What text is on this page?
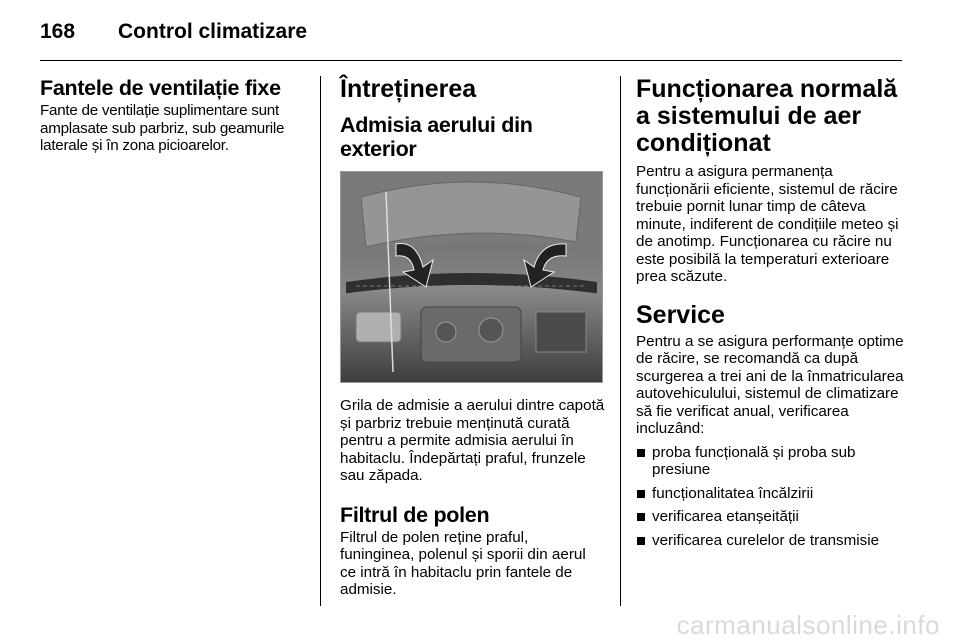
168 Control climatizare
Fantele de ventilație fixe

Fante de ventilație suplimentare sunt amplasate sub parbriz, sub geamurile laterale și în zona picioarelor.

Întreținerea
Admisia aerului din exterior

Grila de admisie a aerului dintre capotă și parbriz trebuie menținută curată pentru a permite admisia aerului în habitaclu. Îndepărtați praful, frunzele sau zăpada.

Filtrul de polen

Filtrul de polen reține praful, funinginea, polenul și sporii din aerul ce intră în habitaclu prin fantele de admisie.

Funcționarea normală a sistemului de aer condiționat

Pentru a asigura permanența funcționării eficiente, sistemul de răcire trebuie pornit lunar timp de câteva minute, indiferent de condițiile meteo și de anotimp. Funcționarea cu răcire nu este posibilă la temperaturi exterioare prea scăzute.

Service

Pentru a se asigura performanțe optime de răcire, se recomandă ca după scurgerea a trei ani de la înmatricularea autovehiculului, sistemul de climatizare să fie verificat anual, verificarea incluzând:

proba funcțională și proba sub presiune
funcționalitatea încălzirii
verificarea etanșeității
verificarea curelelor de transmisie
carmanualsonline.info
